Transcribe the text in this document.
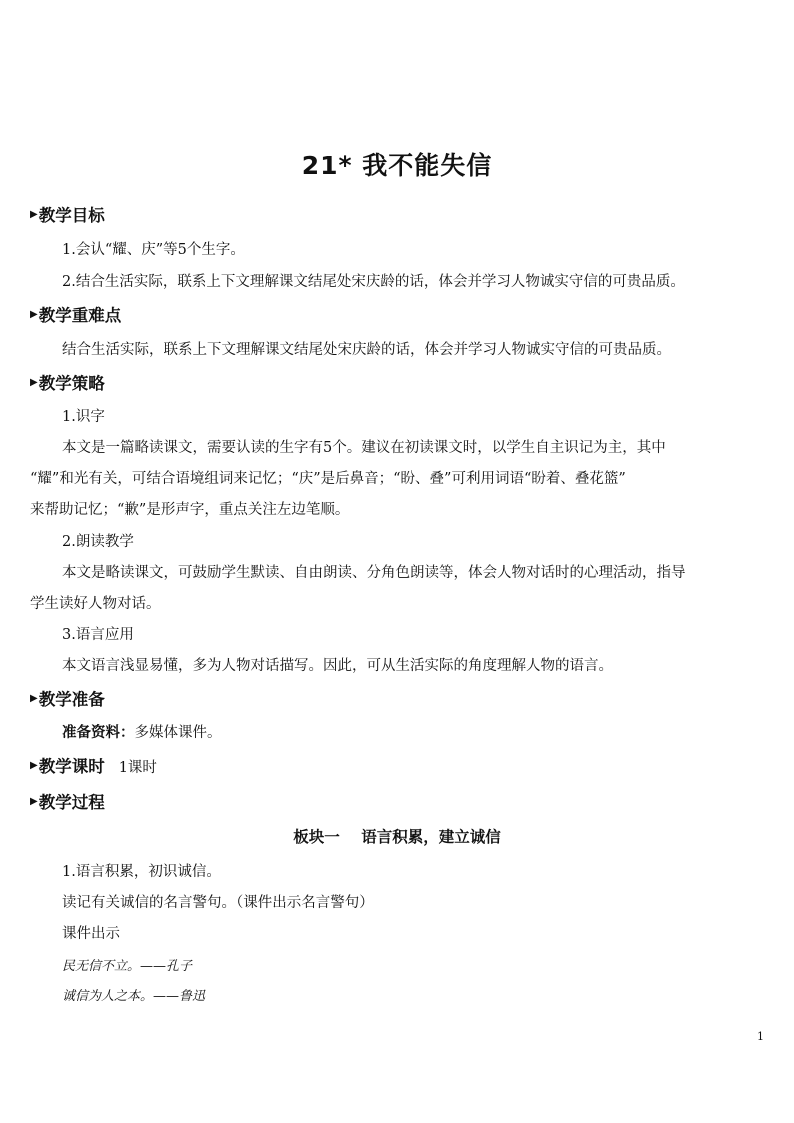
21* 我不能失信
▶教学目标
1.会认“耀、庆”等5个生字。
2.结合生活实际，联系上下文理解课文结尾处宋庆龄的话，体会并学习人物诚实守信的可贵品质。
▶教学重难点
结合生活实际，联系上下文理解课文结尾处宋庆龄的话，体会并学习人物诚实守信的可贵品质。
▶教学策略
1.识字
本文是一篇略读课文，需要认读的生字有5个。建议在初读课文时，以学生自主识记为主，其中
“耀”和光有关，可结合语境组词来记忆；“庆”是后鼻音；“盼、叠”可利用词语“盼着、叠花篮”
来帮助记忆；“歉”是形声字，重点关注左边笔顺。
2.朗读教学
本文是略读课文，可鼓励学生默读、自由朗读、分角色朗读等，体会人物对话时的心理活动，指导
学生读好人物对话。
3.语言应用
本文语言浅显易懂，多为人物对话描写。因此，可从生活实际的角度理解人物的语言。
▶教学准备
准备资料：多媒体课件。
▶教学课时 1课时
▶教学过程
板块一    语言积累，建立诚信
1.语言积累，初识诚信。
读记有关诚信的名言警句。（课件出示名言警句）
课件出示
民无信不立。——孔子
诚信为人之本。——鲁迅
1
